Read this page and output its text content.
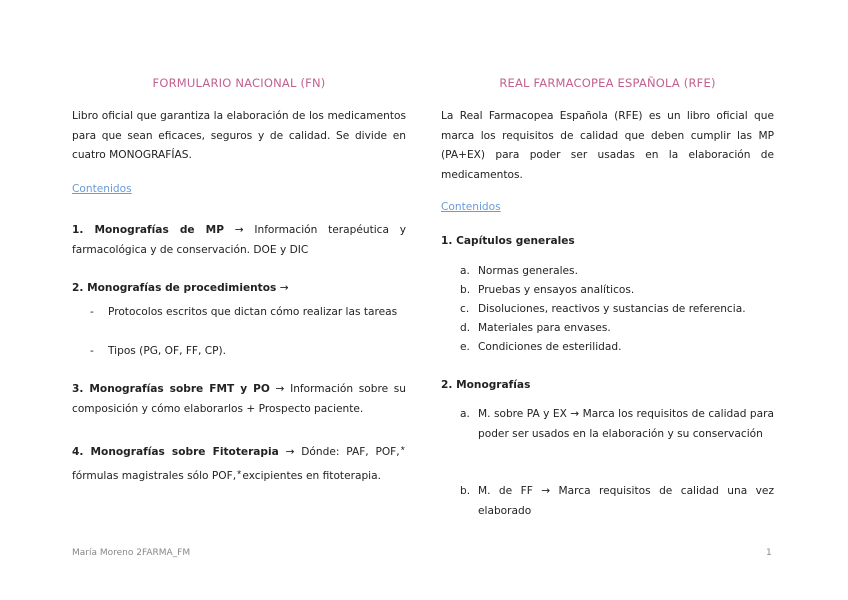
FORMULARIO NACIONAL (FN)
Libro oficial que garantiza la elaboración de los medicamentos para que sean eficaces, seguros y de calidad. Se divide en cuatro MONOGRAFÍAS.
Contenidos
1. Monografías de MP → Información terapéutica y farmacológica y de conservación. DOE y DIC
2. Monografías de procedimientos →
- Protocolos escritos que dictan cómo realizar las tareas
- Tipos (PG, OF, FF, CP).
3. Monografías sobre FMT y PO → Información sobre su composición y cómo elaborarlos + Prospecto paciente.
4. Monografías sobre Fitoterapia → Dónde: PAF, POF, ⃰ fórmulas magistrales sólo POF, ⃰ excipientes en fitoterapia.
REAL FARMACOPEA ESPAÑOLA (RFE)
La Real Farmacopea Española (RFE) es un libro oficial que marca los requisitos de calidad que deben cumplir las MP (PA+EX) para poder ser usadas en la elaboración de medicamentos.
Contenidos
1. Capítulos generales
a. Normas generales.
b. Pruebas y ensayos analíticos.
c. Disoluciones, reactivos y sustancias de referencia.
d. Materiales para envases.
e. Condiciones de esterilidad.
2. Monografías
a. M. sobre PA y EX → Marca los requisitos de calidad para poder ser usados en la elaboración y su conservación
b. M. de FF → Marca requisitos de calidad una vez elaborado
María Moreno 2FARMA_FM	1
